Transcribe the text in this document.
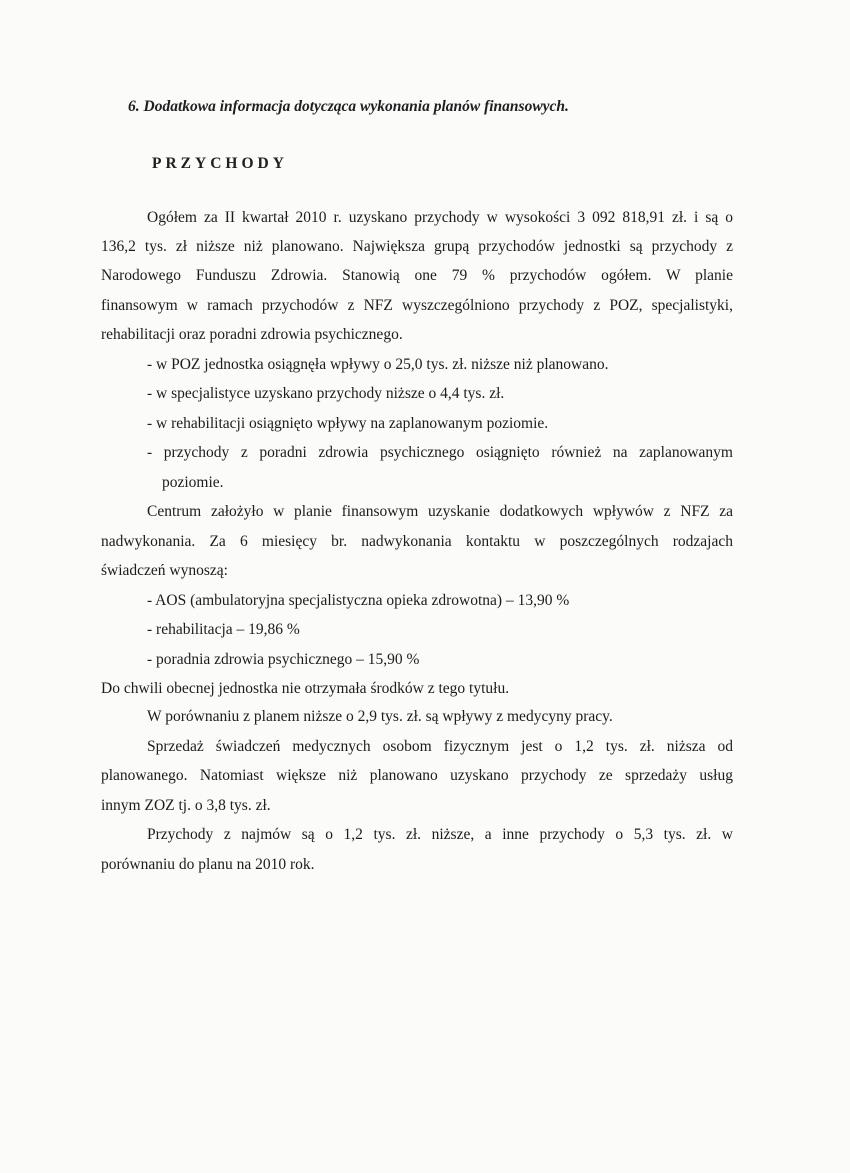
6. Dodatkowa informacja dotycząca wykonania planów finansowych.
PRZYCHODY
Ogółem za II kwartał 2010 r. uzyskano przychody w wysokości 3 092 818,91 zł. i są o
136,2 tys. zł niższe niż planowano. Największa grupą przychodów jednostki są przychody z
Narodowego Funduszu Zdrowia. Stanowią one 79 % przychodów ogółem. W planie
finansowym w ramach przychodów z NFZ wyszczególniono przychody z POZ, specjalistyki,
rehabilitacji oraz poradni zdrowia psychicznego.
- w POZ jednostka osiągnęła wpływy o 25,0 tys. zł. niższe niż planowano.
- w specjalistyce uzyskano przychody niższe o 4,4 tys. zł.
- w rehabilitacji osiągnięto wpływy na zaplanowanym poziomie.
- przychody z poradni zdrowia psychicznego osiągnięto również na zaplanowanym
poziomie.
Centrum założyło w planie finansowym uzyskanie dodatkowych wpływów z NFZ za
nadwykonania. Za 6 miesięcy br. nadwykonania kontaktu w poszczególnych rodzajach
świadczeń wynoszą:
- AOS (ambulatoryjna specjalistyczna opieka zdrowotna) – 13,90 %
- rehabilitacja – 19,86 %
- poradnia zdrowia psychicznego – 15,90 %
Do chwili obecnej jednostka nie otrzymała środków z tego tytułu.
W porównaniu z planem niższe o 2,9 tys. zł. są wpływy z medycyny pracy.
Sprzedaż świadczeń medycznych osobom fizycznym jest o 1,2 tys. zł. niższa od
planowanego. Natomiast większe niż planowano uzyskano przychody ze sprzedaży usług
innym ZOZ tj. o 3,8 tys. zł.
Przychody z najmów są o 1,2 tys. zł. niższe, a inne przychody o 5,3 tys. zł. w
porównaniu do planu na 2010 rok.
